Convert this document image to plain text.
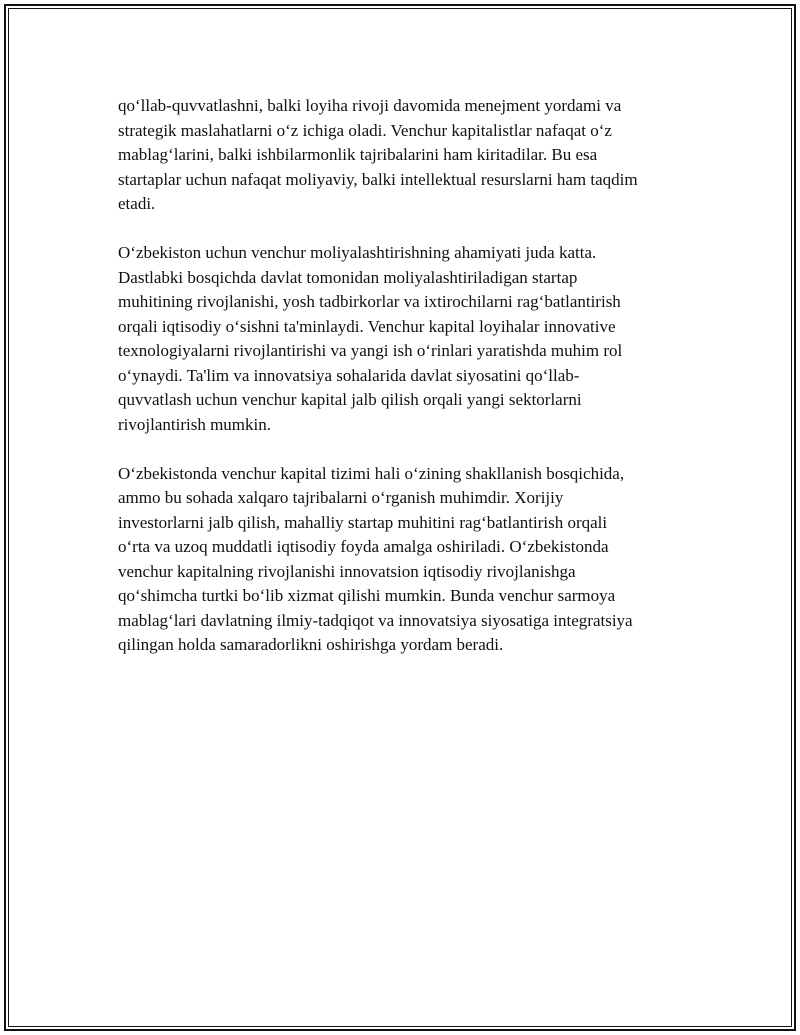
qo‘llab-quvvatlashni, balki loyiha rivoji davomida menejment yordami va
strategik maslahatlarni o‘z ichiga oladi. Venchur kapitalistlar nafaqat o‘z
mablag‘larini, balki ishbilarmonlik tajribalarini ham kiritadilar. Bu esa
startaplar uchun nafaqat moliyaviy, balki intellektual resurslarni ham taqdim
etadi.

O‘zbekiston uchun venchur moliyalashtirishning ahamiyati juda katta.
Dastlabki bosqichda davlat tomonidan moliyalashtiriladigan startap
muhitining rivojlanishi, yosh tadbirkorlar va ixtirochilarni rag‘batlantirish
orqali iqtisodiy o‘sishni ta'minlaydi. Venchur kapital loyihalar innovative
texnologiyalarni rivojlantirishi va yangi ish o‘rinlari yaratishda muhim rol
o‘ynaydi. Ta'lim va innovatsiya sohalarida davlat siyosatini qo‘llab-
quvvatlash uchun venchur kapital jalb qilish orqali yangi sektorlarni
rivojlantirish mumkin.

O‘zbekistonda venchur kapital tizimi hali o‘zining shakllanish bosqichida,
ammo bu sohada xalqaro tajribalarni o‘rganish muhimdir. Xorijiy
investorlarni jalb qilish, mahalliy startap muhitini rag‘batlantirish orqali
o‘rta va uzoq muddatli iqtisodiy foyda amalga oshiriladi. O‘zbekistonda
venchur kapitalning rivojlanishi innovatsion iqtisodiy rivojlanishga
qo‘shimcha turtki bo‘lib xizmat qilishi mumkin. Bunda venchur sarmoya
mablag‘lari davlatning ilmiy-tadqiqot va innovatsiya siyosatiga integratsiya
qilingan holda samaradorlikni oshirishga yordam beradi.
